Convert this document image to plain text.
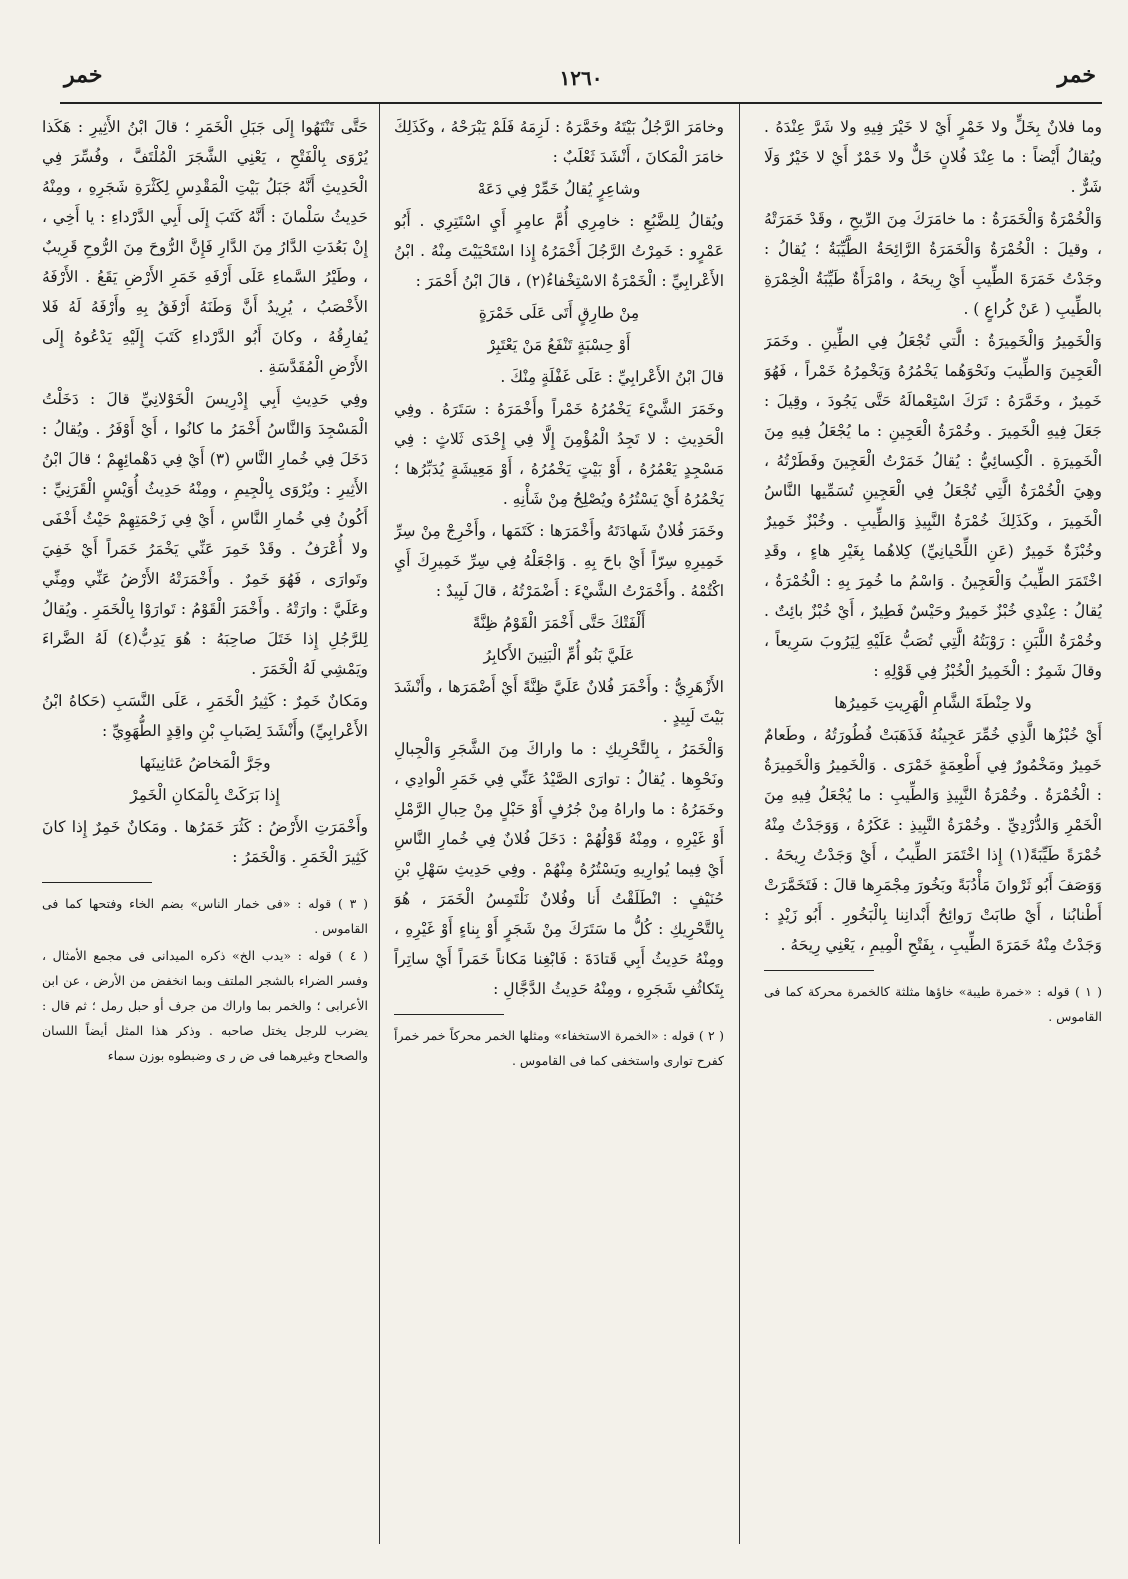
خمر
١٢٦٠
خمر

وما فلانٌ بِخَلٍّ ولا خَمْرٍ أَيْ لا خَيْرَ فِيهِ ولا شَرَّ عِنْدَهُ . ويُقالُ أَيْضاً : ما عِنْدَ فُلانٍ خَلٌّ ولا خَمْرٌ أَيْ لا خَيْرٌ وَلَا شَرٌّ .

وَالْخُمْرَةُ وَالْخَمَرَةُ : ما خامَرَكَ مِنَ الرِّيحِ ، وقَدْ خَمَرَتْهُ ، وقيلَ : الْخُمْرَةُ وَالْخَمَرَةُ الرَّائِحَةُ الطَّيِّبَةُ ؛ يُقالُ : وجَدْتُ خَمَرَةَ الطِّيبِ أَيْ رِيحَهُ ، وامْرَأَةٌ طَيِّبَةُ الْخِمْرَةِ بالطِّيبِ ( عَنْ كُراعٍ ) .

وَالْخَمِيرُ وَالْخَمِيرَةُ : الَّتي تُجْعَلُ فِي الطِّينِ . وخَمَرَ الْعَجِينَ وَالطِّيبَ ونَحْوَهُما يَخْمُرُهُ وَيَخْمِرُهُ خَمْراً ، فَهُوَ خَمِيرٌ ، وخَمَّرَهُ : تَرَكَ اسْتِعْمالَهُ حَتَّى يَجُودَ ، وقِيلَ : جَعَلَ فِيهِ الْخَمِيرَ . وخُمْرَةُ الْعَجِينِ : ما يُجْعَلُ فِيهِ مِنَ الْخَمِيرَةِ . الْكِسائِيُّ : يُقالُ خَمَرْتُ الْعَجِينَ وفَطَرْتُهُ ، وهِيَ الْخُمْرَةُ الَّتِي تُجْعَلُ فِي الْعَجِينِ تُسَمِّيها النَّاسُ الْخَمِيرَ ، وكَذَلِكَ خُمْرَةُ النَّبِيذِ وَالطِّيبِ . وخُبْزٌ خَمِيرٌ وخُبْزَةٌ خَمِيرٌ (عَنِ اللِّحْيانِيِّ) كِلاهُما بِغَيْرِ هاءٍ ، وقَدِ اخْتَمَرَ الطِّيبُ وَالْعَجِينُ . وَاسْمُ ما خُمِرَ بِهِ : الْخُمْرَةُ ، يُقالُ : عِنْدِي خُبْزٌ خَمِيرٌ وحَيْسٌ فَطِيرٌ ، أَيْ خُبْزٌ بائِتٌ . وخُمْرَةُ اللَّبَنِ : رَوْبَتُهُ الَّتِي تُصَبُّ عَلَيْهِ لِيَرُوبَ سَرِيعاً ، وقالَ شَمِرٌ : الْخَمِيرُ الْخُبْزُ فِي قَوْلِهِ :

ولا حِنْطَةَ الشَّامِ الْهَرِيتِ خَمِيرُها

أَيْ خُبْزُها الَّذِي خُمِّرَ عَجِينُهُ فَذَهَبَتْ فُطُورَتُهُ ، وطَعامٌ خَمِيرٌ ومَخْمُورٌ فِي أَطْعِمَةٍ خَمْرَى . وَالْخَمِيرُ وَالْخَمِيرَةُ : الْخُمْرَةُ . وخُمْرَةُ النَّبِيذِ وَالطِّيبِ : ما يُجْعَلُ فِيهِ مِنَ الْخَمْرِ وَالدُّرْدِيِّ . وخُمْرَةُ النَّبِيذِ : عَكَرُهُ ، وَوَجَدْتُ مِنْهُ خُمْرَةً طَيِّبَةً(١) إِذا اخْتَمَرَ الطِّيبُ ، أَيْ وَجَدْتُ رِيحَهُ . وَوَصَفَ أَبُو ثَرْوانَ مَأْدُبَةً وبَخُورَ مِجْمَرِها قالَ : فَتَخَمَّرَتْ أَطْنابُنا ، أَيْ طابَتْ رَوائِحُ أَبْدانِنا بِالْبَخُورِ . أَبُو زَيْدٍ : وَجَدْتُ مِنْهُ خَمَرَةَ الطِّيبِ ، بِفَتْحِ الْمِيمِ ، يَعْنِي رِيحَهُ .

( ١ ) قوله : «خمرة طيبة» خاؤها مثلثة كالخمرة محركة كما فى القاموس .

وخامَرَ الرَّجُلُ بَيْتَهُ وخَمَّرَهُ : لَزِمَهُ فَلَمْ يَبْرَحْهُ ، وكَذَلِكَ خامَرَ الْمَكانَ ، أَنْشَدَ ثَعْلَبٌ :

وشاعِرٍ يُقالُ خَمِّرْ فِي دَعَهْ

ويُقالُ لِلضَّبُعِ : خامِرِي أُمَّ عامِرٍ أَيِ اسْتَتِرِي . أَبُو عَمْرٍو : خَمِرْتُ الرَّجُلَ أَخْمَرُهُ إِذا اسْتَحْيَيْتَ مِنْهُ . ابْنُ الأَعْرابِيِّ : الْخَمْرَةُ الاسْتِخْفاءُ(٢) ، قالَ ابْنُ أَحْمَرَ :

مِنْ طارِقٍ أَتَى عَلَى خَمْرَةٍ

أَوْ حِسْبَةٍ تَنْفَعُ مَنْ يَعْتَبِرْ

قالَ ابْنُ الأَعْرابِيِّ : عَلَى غَفْلَةٍ مِنْكَ .

وخَمَرَ الشَّيْءَ يَخْمُرُهُ خَمْراً وأَخْمَرَهُ : سَتَرَهُ . وفِي الْحَدِيثِ : لا تَجِدُ الْمُؤْمِنَ إِلَّا فِي إِحْدَى ثَلاثٍ : فِي مَسْجِدٍ يَعْمُرُهُ ، أَوْ بَيْتٍ يَخْمُرُهُ ، أَوْ مَعِيشَةٍ يُدَبِّرُها ؛ يَخْمُرُهُ أَيْ يَسْتُرُهُ ويُصْلِحُ مِنْ شَأْنِهِ .

وخَمَرَ فُلانٌ شَهادَتَهُ وأَخْمَرَها : كَتَمَها ، وأَخْرِجْ مِنْ سِرِّ خَمِيرِهِ سِرّاً أَيْ باحَ بِهِ . وَاجْعَلْهُ فِي سِرِّ خَمِيرِكَ أَيِ اكْتُمْهُ . وأَخْمَرْتُ الشَّيْءَ : أَضْمَرْتُهُ ، قالَ لَبِيدٌ :

أَلْفَتْكَ حَتَّى أَخْمَرَ الْقَوْمُ ظِنَّةً

عَلَيَّ بَنُو أُمِّ الْبَنِينَ الأَكابِرُ

الأَزْهَرِيُّ : وأَخْمَرَ فُلانٌ عَلَيَّ ظِنَّةً أَيْ أَضْمَرَها ، وأَنْشَدَ بَيْتَ لَبِيدٍ .

وَالْخَمَرُ ، بِالتَّحْرِيكِ : ما واراكَ مِنَ الشَّجَرِ وَالْجِبالِ ونَحْوِها . يُقالُ : توارَى الصَّيْدُ عَنِّي فِي خَمَرِ الْوادِي ، وخَمَرُهُ : ما واراهُ مِنْ جُرُفٍ أَوْ حَبْلٍ مِنْ حِبالِ الرَّمْلِ أَوْ غَيْرِهِ ، ومِنْهُ قَوْلُهُمْ : دَخَلَ فُلانٌ فِي خُمارِ النَّاسِ أَيْ فِيما يُوارِيهِ ويَسْتُرُهُ مِنْهُمْ . وفِي حَدِيثِ سَهْلِ بْنِ حُنَيْفٍ : انْطَلَقْتُ أَنا وفُلانٌ نَلْتَمِسُ الْخَمَرَ ، هُوَ بِالتَّحْرِيكِ : كُلُّ ما سَتَرَكَ مِنْ شَجَرٍ أَوْ بِناءٍ أَوْ غَيْرِهِ ، ومِنْهُ حَدِيثُ أَبِي قَتادَةَ : فَابْغِنا مَكاناً خَمَراً أَيْ ساتِراً بِتَكاثُفِ شَجَرِهِ ، ومِنْهُ حَدِيثُ الدَّجَّالِ :

( ٢ ) قوله : «الخمرة الاستخفاء» ومثلها الخمر محركاً خمر خمراً كفرح توارى واستخفى كما فى القاموس .

حَتَّى تَنْتَهُوا إِلَى جَبَلِ الْخَمَرِ ؛ قالَ ابْنُ الأَثِيرِ : هَكَذا يُرْوَى بِالْفَتْحِ ، يَعْنِي الشَّجَرَ الْمُلْتَفَّ ، وفُسِّرَ فِي الْحَدِيثِ أَنَّهُ جَبَلُ بَيْتِ الْمَقْدِسِ لِكَثْرَةِ شَجَرِهِ ، ومِنْهُ حَدِيثُ سَلْمانَ : أَنَّهُ كَتَبَ إِلَى أَبِي الدَّرْداءِ : يا أَخِي ، إِنْ بَعُدَتِ الدَّارُ مِنَ الدَّارِ فَإِنَّ الرُّوحَ مِنَ الرُّوحِ قَرِيبٌ ، وطَيْرُ السَّماءِ عَلَى أَرْفَهِ خَمَرِ الأَرْضِ يَقَعُ . الأَرْفَهُ الأَخْصَبُ ، يُرِيدُ أَنَّ وَطَنَهُ أَرْفَقُ بِهِ وأَرْفَهُ لَهُ فَلا يُفارِقُهُ ، وكانَ أَبُو الدَّرْداءِ كَتَبَ إِلَيْهِ يَدْعُوهُ إِلَى الأَرْضِ الْمُقَدَّسَةِ .

وفِي حَدِيثِ أَبِي إِدْرِيسَ الْخَوْلانِيِّ قالَ : دَخَلْتُ الْمَسْجِدَ وَالنَّاسُ أَخْمَرُ ما كانُوا ، أَيْ أَوْفَرُ . ويُقالُ : دَخَلَ فِي خُمارِ النَّاسِ (٣) أَيْ فِي دَهْمائِهِمْ ؛ قالَ ابْنُ الأَثِيرِ : ويُرْوَى بِالْجِيمِ ، ومِنْهُ حَدِيثُ أُوَيْسٍ الْقَرَنِيِّ : أَكُونُ فِي خُمارِ النَّاسِ ، أَيْ فِي زَحْمَتِهِمْ حَيْثُ أَخْفَى ولا أُعْرَفُ . وقَدْ خَمِرَ عَنِّي يَخْمَرُ خَمَراً أَيْ خَفِيَ وتَوارَى ، فَهُوَ خَمِرٌ . وأَخْمَرَتْهُ الأَرْضُ عَنِّي ومِنِّي وعَلَيَّ : وارَتْهُ . وأَخْمَرَ الْقَوْمُ : تَوارَوْا بِالْخَمَرِ . ويُقالُ لِلرَّجُلِ إِذا خَتَلَ صاحِبَهُ : هُوَ يَدِبُّ(٤) لَهُ الضَّراءَ ويَمْشِي لَهُ الْخَمَرَ .

ومَكانٌ خَمِرٌ : كَثِيرُ الْخَمَرِ ، عَلَى النَّسَبِ (حَكاهُ ابْنُ الأَعْرابِيِّ) وأَنْشَدَ لِضَبابِ بْنِ واقِدٍ الطُّهَوِيِّ :

وجَرَّ الْمَخاضُ عَثانِينَها

إِذا بَرَكَتْ بِالْمَكانِ الْخَمِرْ

وأَخْمَرَتِ الأَرْضُ : كَثُرَ خَمَرُها . ومَكانٌ خَمِرٌ إِذا كانَ كَثِيرَ الْخَمَرِ . وَالْخَمَرُ :

( ٣ ) قوله : «فى خمار الناس» بضم الخاء وفتحها كما فى القاموس .

( ٤ ) قوله : «يدب الخ» ذكره الميدانى فى مجمع الأمثال ، وفسر الضراء بالشجر الملتف وبما انخفض من الأرض ، عن ابن الأعرابى ؛ والخمر بما واراك من جرف أو حبل رمل ؛ ثم قال : يضرب للرجل يختل صاحبه . وذكر هذا المثل أيضاً اللسان والصحاح وغيرهما فى ض ر ى وضبطوه بوزن سماء
